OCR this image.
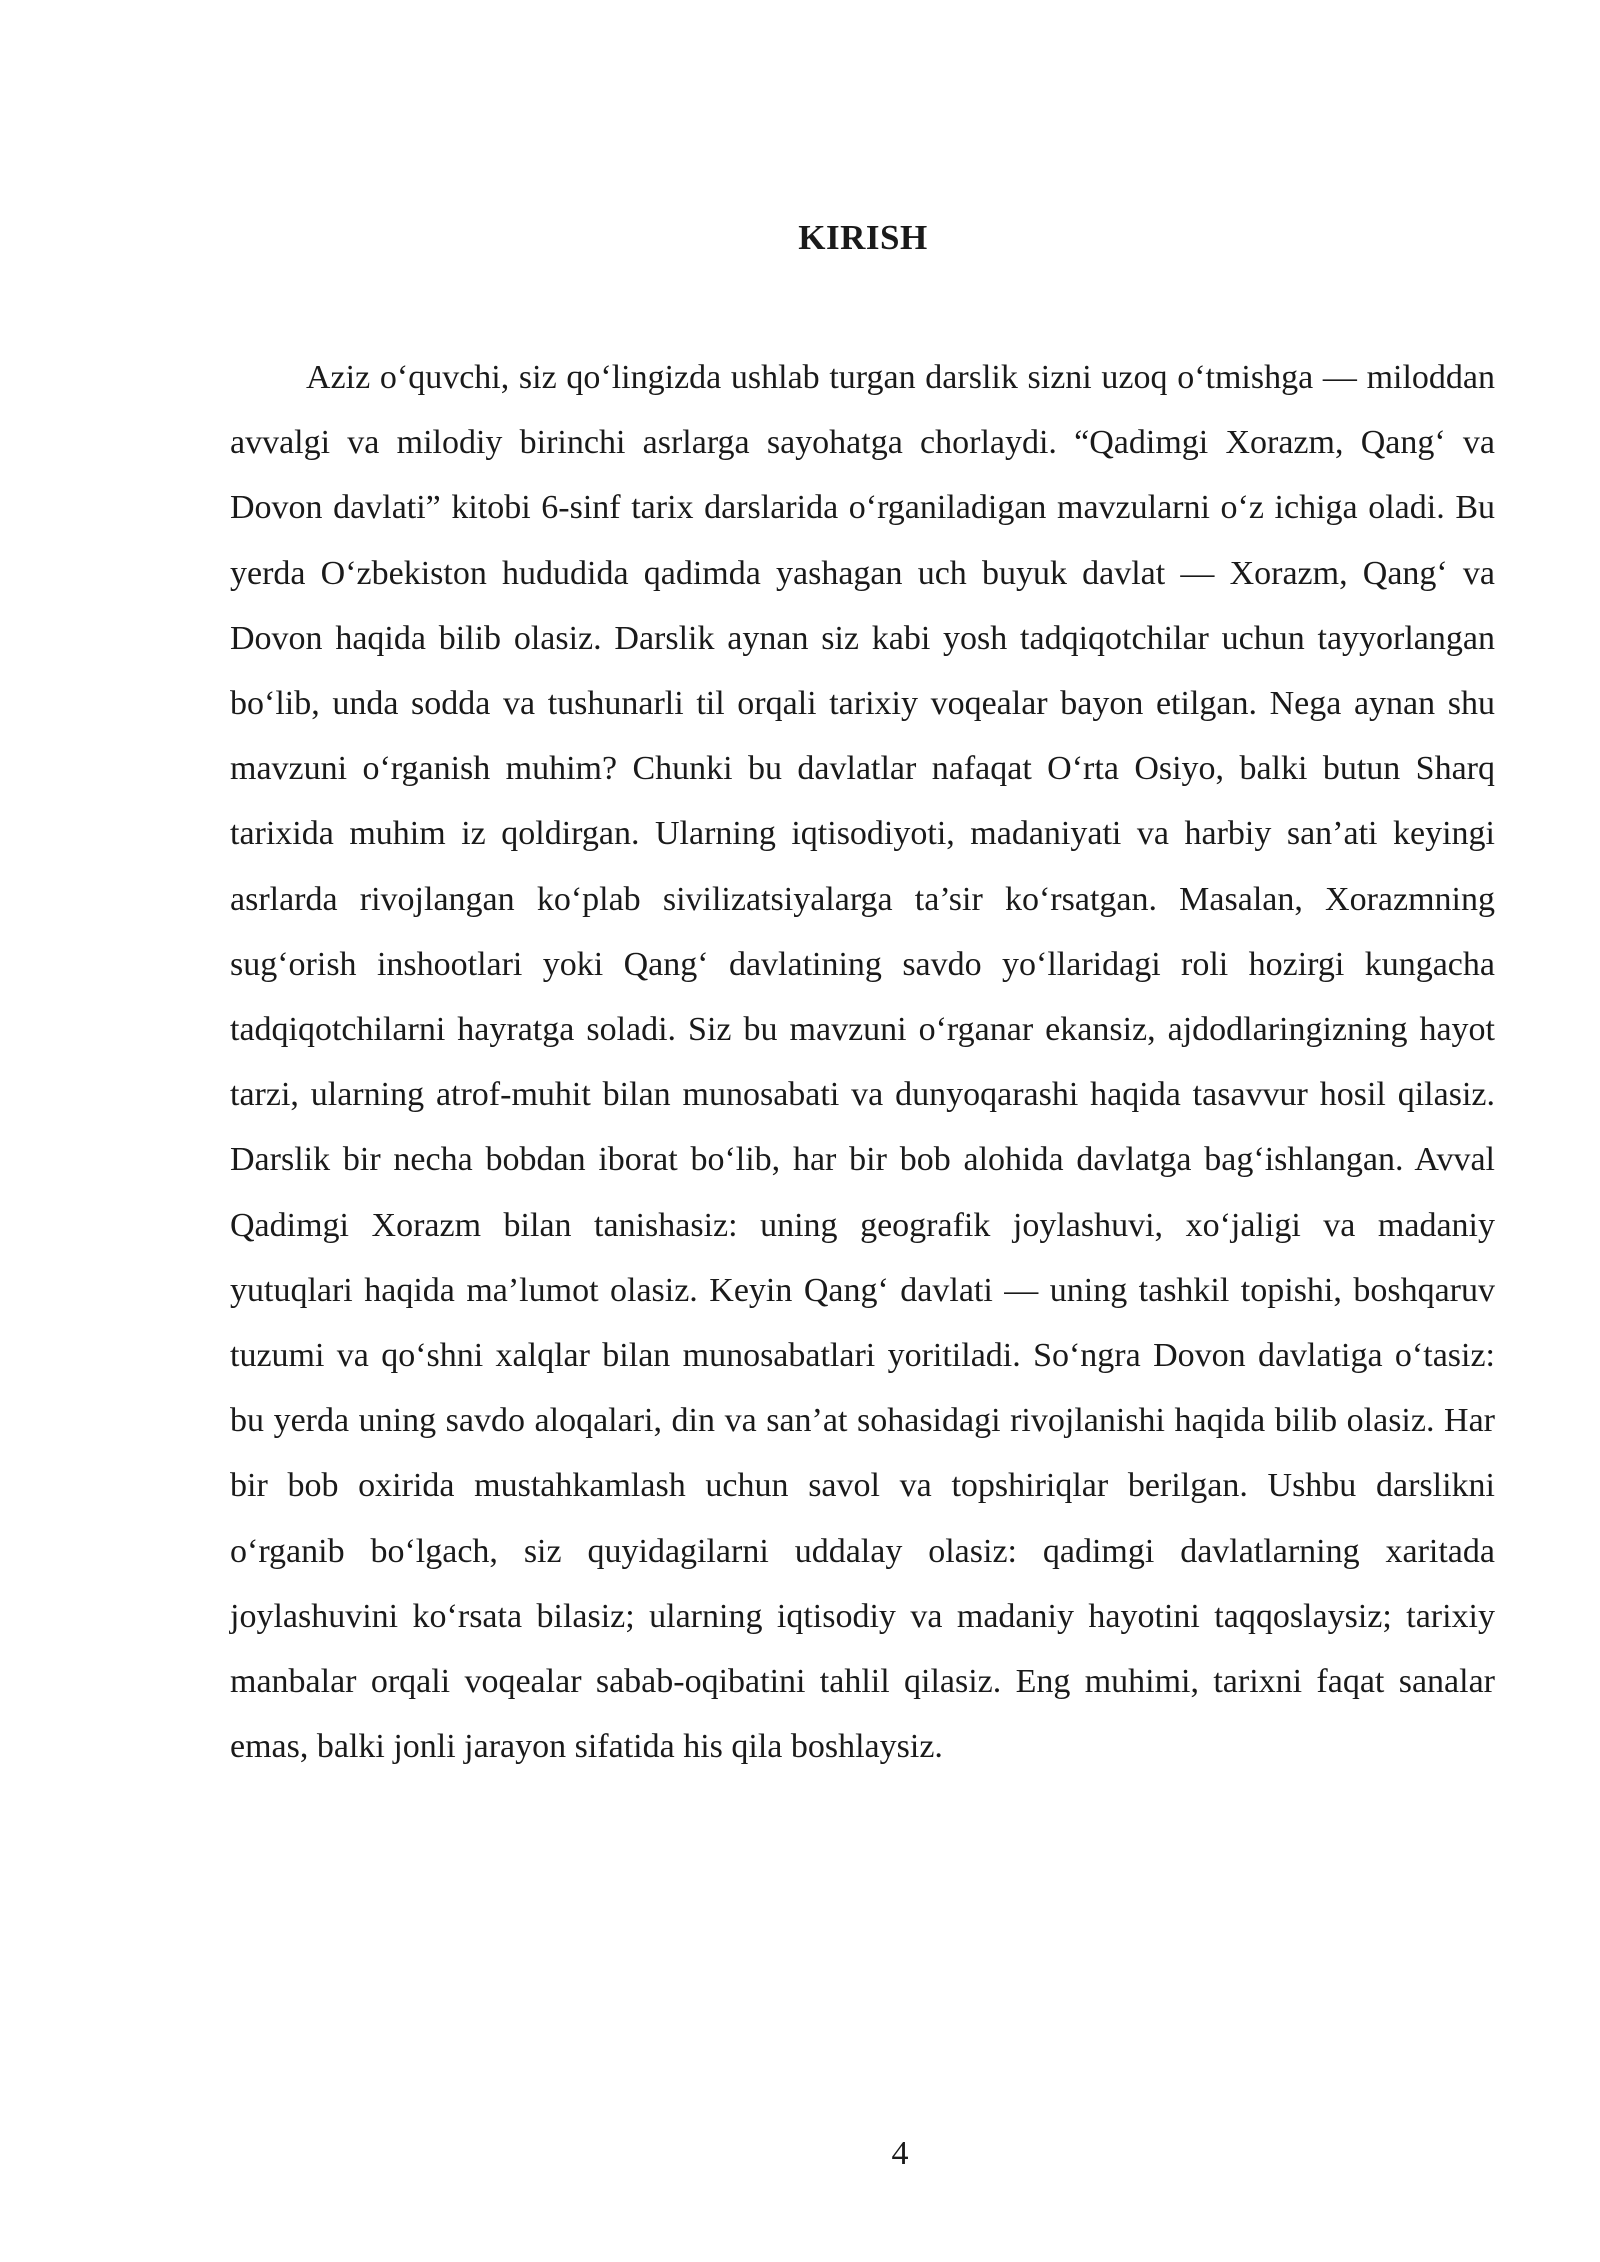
KIRISH

Aziz o‘quvchi, siz qo‘lingizda ushlab turgan darslik sizni uzoq o‘tmishga — miloddan avvalgi va milodiy birinchi asrlarga sayohatga chorlaydi. “Qadimgi Xorazm, Qang‘ va Dovon davlati” kitobi 6-sinf tarix darslarida o‘rganiladigan mavzularni o‘z ichiga oladi. Bu yerda O‘zbekiston hududida qadimda yashagan uch buyuk davlat — Xorazm, Qang‘ va Dovon haqida bilib olasiz. Darslik aynan siz kabi yosh tadqiqotchilar uchun tayyorlangan bo‘lib, unda sodda va tushunarli til orqali tarixiy voqealar bayon etilgan. Nega aynan shu mavzuni o‘rganish muhim? Chunki bu davlatlar nafaqat O‘rta Osiyo, balki butun Sharq tarixida muhim iz qoldirgan. Ularning iqtisodiyoti, madaniyati va harbiy san’ati keyingi asrlarda rivojlangan ko‘plab sivilizatsiyalarga ta’sir ko‘rsatgan. Masalan, Xorazmning sug‘orish inshootlari yoki Qang‘ davlatining savdo yo‘llaridagi roli hozirgi kungacha tadqiqotchilarni hayratga soladi. Siz bu mavzuni o‘rganar ekansiz, ajdodlaringizning hayot tarzi, ularning atrof-muhit bilan munosabati va dunyoqarashi haqida tasavvur hosil qilasiz. Darslik bir necha bobdan iborat bo‘lib, har bir bob alohida davlatga bag‘ishlangan. Avval Qadimgi Xorazm bilan tanishasiz: uning geografik joylashuvi, xo‘jaligi va madaniy yutuqlari haqida ma’lumot olasiz. Keyin Qang‘ davlati — uning tashkil topishi, boshqaruv tuzumi va qo‘shni xalqlar bilan munosabatlari yoritiladi. So‘ngra Dovon davlatiga o‘tasiz: bu yerda uning savdo aloqalari, din va san’at sohasidagi rivojlanishi haqida bilib olasiz. Har bir bob oxirida mustahkamlash uchun savol va topshiriqlar berilgan. Ushbu darslikni o‘rganib bo‘lgach, siz quyidagilarni uddalay olasiz: qadimgi davlatlarning xaritada joylashuvini ko‘rsata bilasiz; ularning iqtisodiy va madaniy hayotini taqqoslaysiz; tarixiy manbalar orqali voqealar sabab-oqibatini tahlil qilasiz. Eng muhimi, tarixni faqat sanalar emas, balki jonli jarayon sifatida his qila boshlaysiz.

4
